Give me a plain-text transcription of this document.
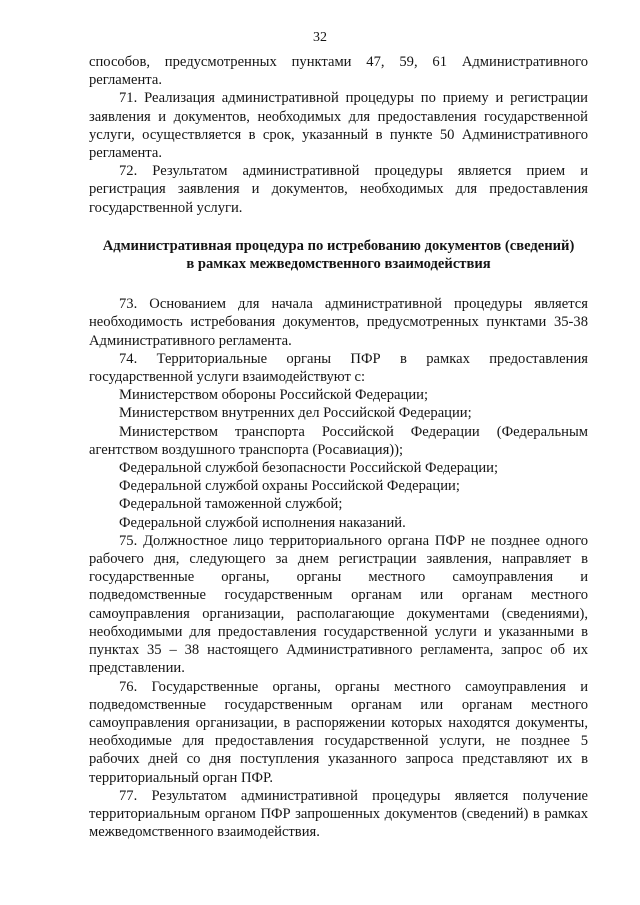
32

способов, предусмотренных пунктами 47, 59, 61 Административного регламента.

71. Реализация административной процедуры по приему и регистрации заявления и документов, необходимых для предоставления государственной услуги, осуществляется в срок, указанный в пункте 50 Административного регламента.

72. Результатом административной процедуры является прием и регистрация заявления и документов, необходимых для предоставления государственной услуги.

Административная процедура по истребованию документов (сведений)
в рамках межведомственного взаимодействия

73. Основанием для начала административной процедуры является необходимость истребования документов, предусмотренных пунктами 35-38 Административного регламента.

74. Территориальные органы ПФР в рамках предоставления государственной услуги взаимодействуют с:

Министерством обороны Российской Федерации;

Министерством внутренних дел Российской Федерации;

Министерством транспорта Российской Федерации (Федеральным агентством воздушного транспорта (Росавиация));

Федеральной службой безопасности Российской Федерации;

Федеральной службой охраны Российской Федерации;

Федеральной таможенной службой;

Федеральной службой исполнения наказаний.

75. Должностное лицо территориального органа ПФР не позднее одного рабочего дня, следующего за днем регистрации заявления, направляет в государственные органы, органы местного самоуправления и подведомственные государственным органам или органам местного самоуправления организации, располагающие документами (сведениями), необходимыми для предоставления государственной услуги и указанными в пунктах 35 – 38 настоящего Административного регламента, запрос об их представлении.

76. Государственные органы, органы местного самоуправления и подведомственные государственным органам или органам местного самоуправления организации, в распоряжении которых находятся документы, необходимые для предоставления государственной услуги, не позднее 5 рабочих дней со дня поступления указанного запроса представляют их в территориальный орган ПФР.

77. Результатом административной процедуры является получение территориальным органом ПФР запрошенных документов (сведений) в рамках межведомственного взаимодействия.
